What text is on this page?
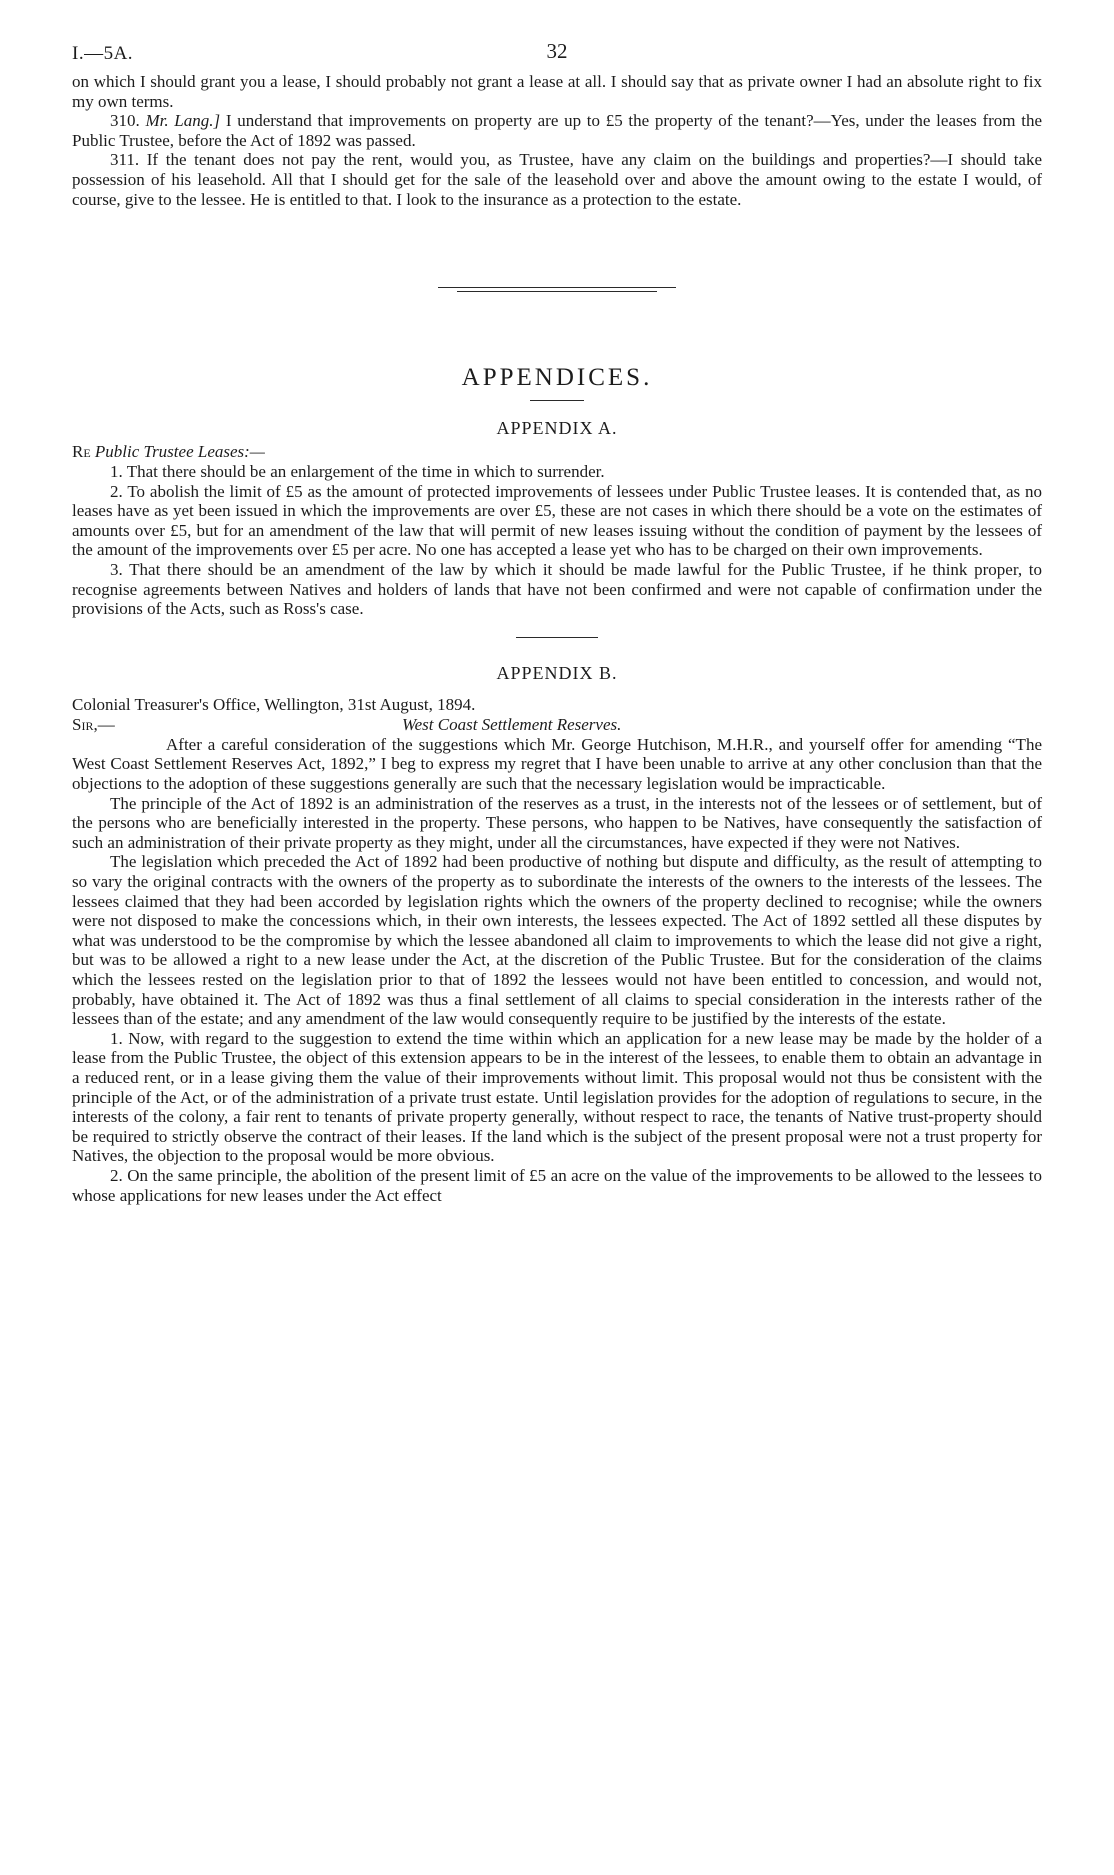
I.—5A.	32

on which I should grant you a lease, I should probably not grant a lease at all. I should say that as private owner I had an absolute right to fix my own terms.

310. Mr. Lang.] I understand that improvements on property are up to £5 the property of the tenant?—Yes, under the leases from the Public Trustee, before the Act of 1892 was passed.

311. If the tenant does not pay the rent, would you, as Trustee, have any claim on the buildings and properties?—I should take possession of his leasehold. All that I should get for the sale of the leasehold over and above the amount owing to the estate I would, of course, give to the lessee. He is entitled to that. I look to the insurance as a protection to the estate.

APPENDICES.
APPENDIX A.

Re Public Trustee Leases:—

1. That there should be an enlargement of the time in which to surrender.

2. To abolish the limit of £5 as the amount of protected improvements of lessees under Public Trustee leases. It is contended that, as no leases have as yet been issued in which the improvements are over £5, these are not cases in which there should be a vote on the estimates of amounts over £5, but for an amendment of the law that will permit of new leases issuing without the condition of payment by the lessees of the amount of the improvements over £5 per acre. No one has accepted a lease yet who has to be charged on their own improvements.

3. That there should be an amendment of the law by which it should be made lawful for the Public Trustee, if he think proper, to recognise agreements between Natives and holders of lands that have not been confirmed and were not capable of confirmation under the provisions of the Acts, such as Ross's case.

APPENDIX B.

Colonial Treasurer's Office, Wellington, 31st August, 1894.

Sir,—	West Coast Settlement Reserves.

After a careful consideration of the suggestions which Mr. George Hutchison, M.H.R., and yourself offer for amending “The West Coast Settlement Reserves Act, 1892,” I beg to express my regret that I have been unable to arrive at any other conclusion than that the objections to the adoption of these suggestions generally are such that the necessary legislation would be impracticable.

The principle of the Act of 1892 is an administration of the reserves as a trust, in the interests not of the lessees or of settlement, but of the persons who are beneficially interested in the property. These persons, who happen to be Natives, have consequently the satisfaction of such an administration of their private property as they might, under all the circumstances, have expected if they were not Natives.

The legislation which preceded the Act of 1892 had been productive of nothing but dispute and difficulty, as the result of attempting to so vary the original contracts with the owners of the property as to subordinate the interests of the owners to the interests of the lessees. The lessees claimed that they had been accorded by legislation rights which the owners of the property declined to recognise; while the owners were not disposed to make the concessions which, in their own interests, the lessees expected. The Act of 1892 settled all these disputes by what was understood to be the compromise by which the lessee abandoned all claim to improvements to which the lease did not give a right, but was to be allowed a right to a new lease under the Act, at the discretion of the Public Trustee. But for the consideration of the claims which the lessees rested on the legislation prior to that of 1892 the lessees would not have been entitled to concession, and would not, probably, have obtained it. The Act of 1892 was thus a final settlement of all claims to special consideration in the interests rather of the lessees than of the estate; and any amendment of the law would consequently require to be justified by the interests of the estate.

1. Now, with regard to the suggestion to extend the time within which an application for a new lease may be made by the holder of a lease from the Public Trustee, the object of this extension appears to be in the interest of the lessees, to enable them to obtain an advantage in a reduced rent, or in a lease giving them the value of their improvements without limit. This proposal would not thus be consistent with the principle of the Act, or of the administration of a private trust estate. Until legislation provides for the adoption of regulations to secure, in the interests of the colony, a fair rent to tenants of private property generally, without respect to race, the tenants of Native trust-property should be required to strictly observe the contract of their leases. If the land which is the subject of the present proposal were not a trust property for Natives, the objection to the proposal would be more obvious.

2. On the same principle, the abolition of the present limit of £5 an acre on the value of the improvements to be allowed to the lessees to whose applications for new leases under the Act effect
